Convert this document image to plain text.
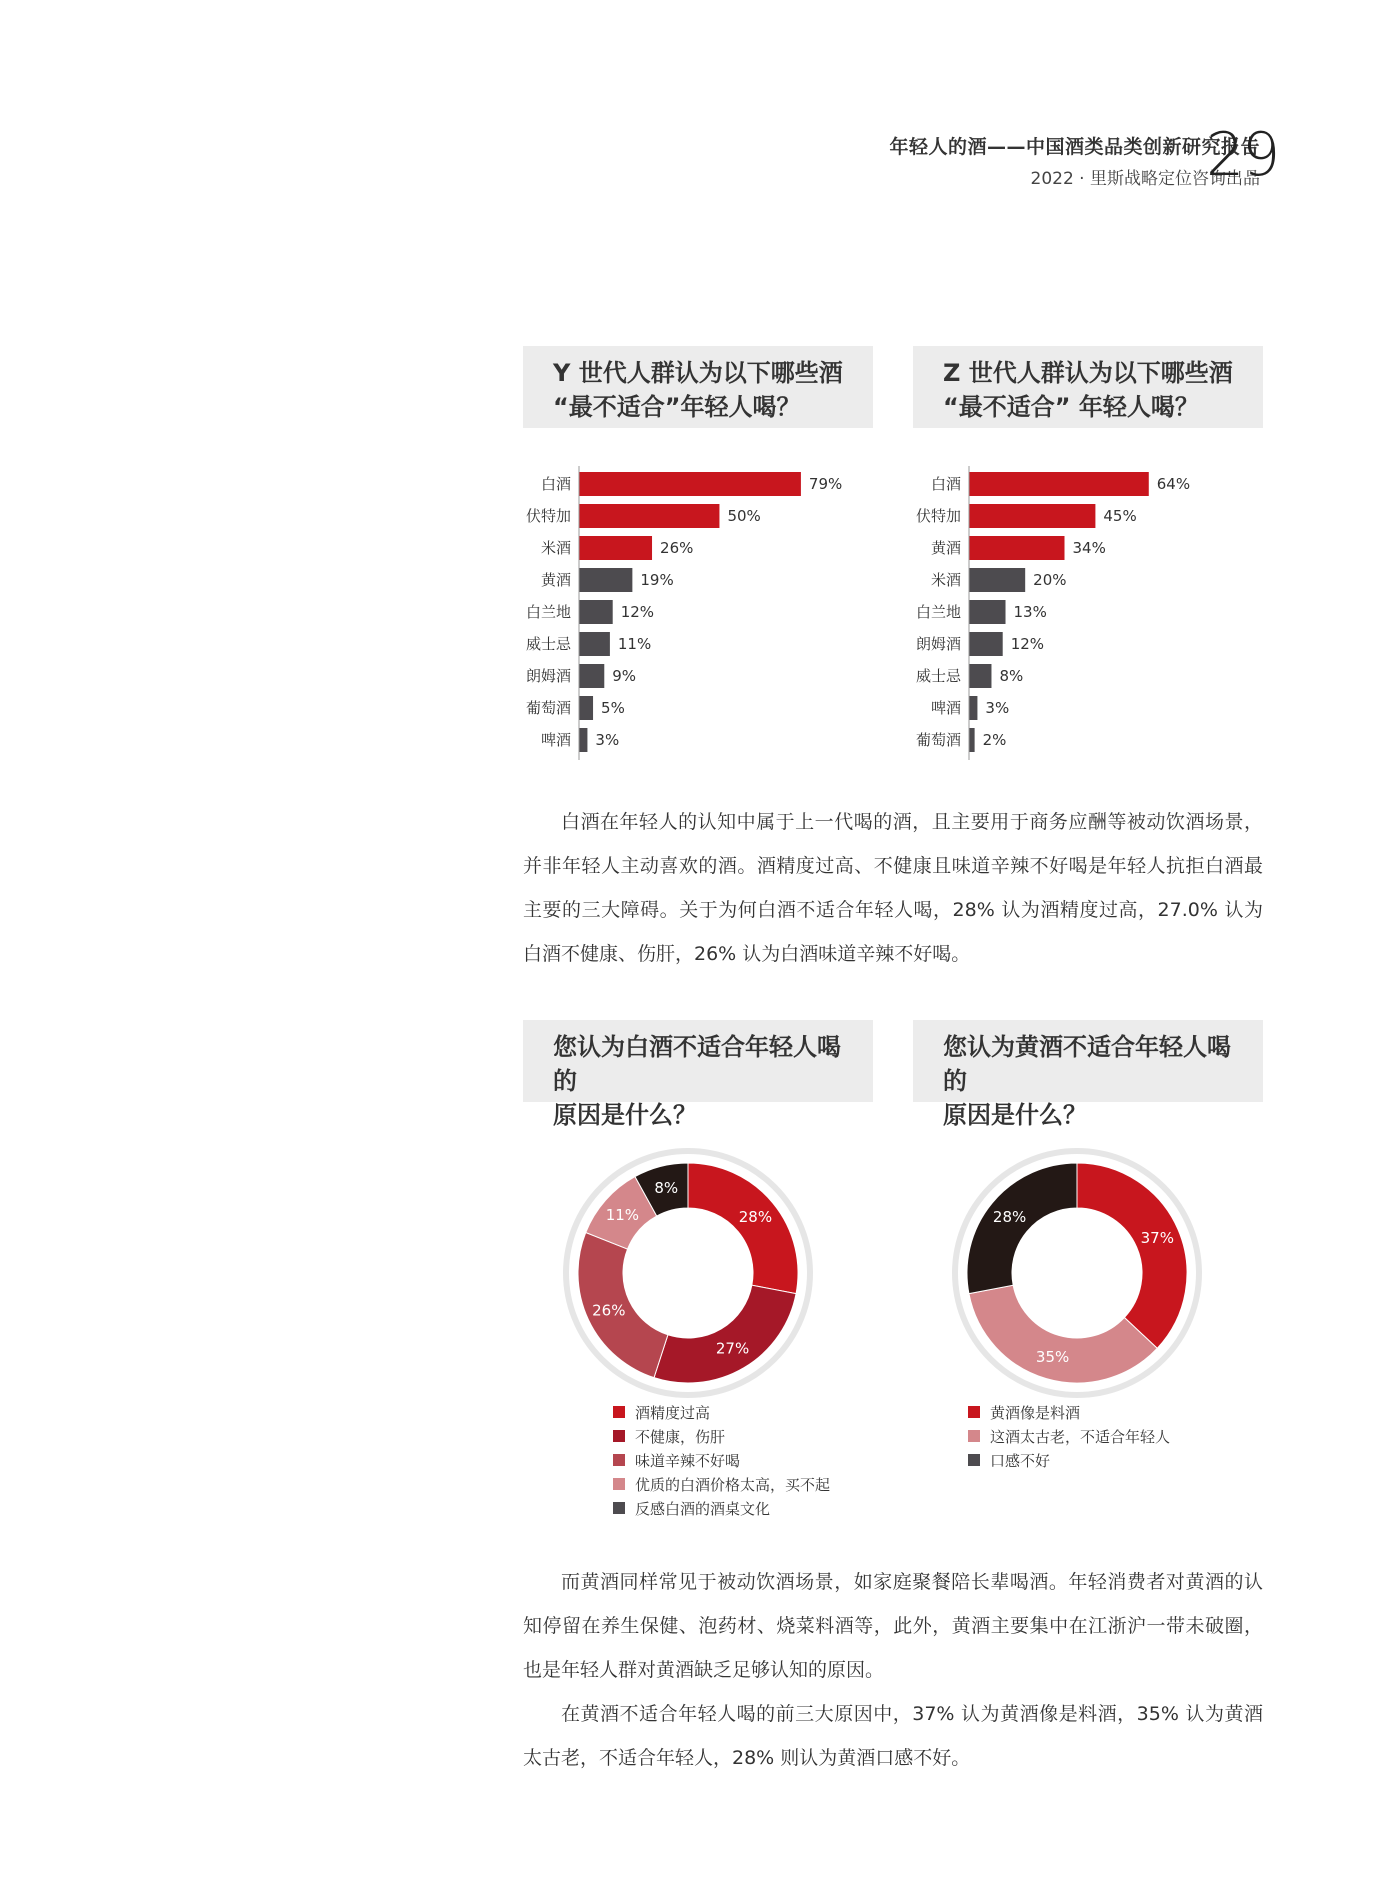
年轻人的酒——中国酒类品类创新研究报告
2022 · 里斯战略定位咨询出品
29
Y 世代人群认为以下哪些酒
“最不适合”年轻人喝？
Z 世代人群认为以下哪些酒
“最不适合” 年轻人喝？
白酒	79%
伏特加	50%
米酒	26%
黄酒	19%
白兰地	12%
威士忌	11%
朗姆酒	9%
葡萄酒 5%
啤酒 3%
白酒	64%
伏特加	45%
黄酒	34%
米酒	20%
白兰地	13%
朗姆酒	12%
威士忌	8%
啤酒 3%
葡萄酒 2%

白酒在年轻人的认知中属于上一代喝的酒，且主要用于商务应酬等被动饮酒场景，并非年轻人主动喜欢的酒。酒精度过高、不健康且味道辛辣不好喝是年轻人抗拒白酒最主要的三大障碍。关于为何白酒不适合年轻人喝，28% 认为酒精度过高，27.0% 认为白酒不健康、伤肝，26% 认为白酒味道辛辣不好喝。

您认为白酒不适合年轻人喝的
原因是什么？
您认为黄酒不适合年轻人喝的
原因是什么？
28%
27%
26%
11%
8%
37%
35%
28%
酒精度过高
不健康，伤肝
味道辛辣不好喝
优质的白酒价格太高，买不起
反感白酒的酒桌文化
黄酒像是料酒
这酒太古老，不适合年轻人
口感不好

而黄酒同样常见于被动饮酒场景，如家庭聚餐陪长辈喝酒。年轻消费者对黄酒的认知停留在养生保健、泡药材、烧菜料酒等，此外，黄酒主要集中在江浙沪一带未破圈，也是年轻人群对黄酒缺乏足够认知的原因。

在黄酒不适合年轻人喝的前三大原因中，37% 认为黄酒像是料酒，35% 认为黄酒太古老，不适合年轻人，28% 则认为黄酒口感不好。
